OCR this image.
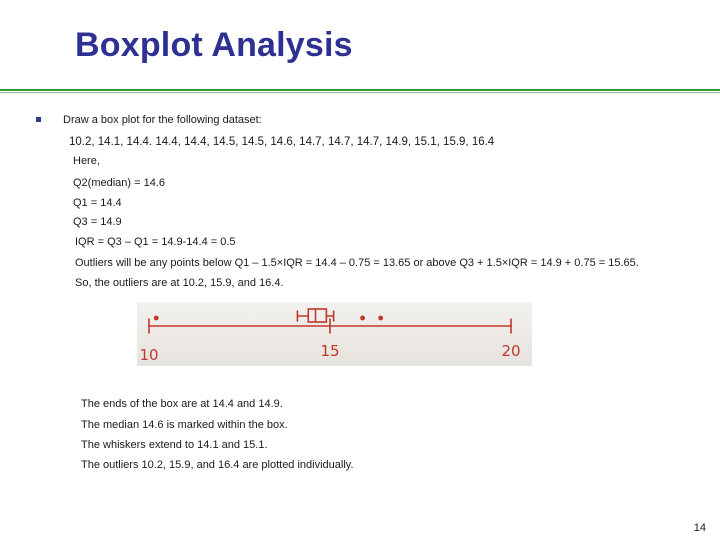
Boxplot Analysis
Draw a box plot for the following dataset:
10.2, 14.1, 14.4. 14.4, 14.4, 14.5, 14.5, 14.6, 14.7, 14.7, 14.7, 14.9, 15.1, 15.9, 16.4
Here,
Q2(median) = 14.6
Q1 = 14.4
Q3 = 14.9
IQR = Q3 – Q1 = 14.9-14.4 = 0.5
Outliers will be any points below Q1 – 1.5×IQR = 14.4 – 0.75 = 13.65 or above Q3 + 1.5×IQR = 14.9 + 0.75 = 15.65.
So, the outliers are at 10.2, 15.9, and 16.4.
10	15	20
The ends of the box are at 14.4 and 14.9.
The median 14.6 is marked within the box.
The whiskers extend to 14.1 and 15.1.
The outliers 10.2, 15.9, and 16.4 are plotted individually.
14
